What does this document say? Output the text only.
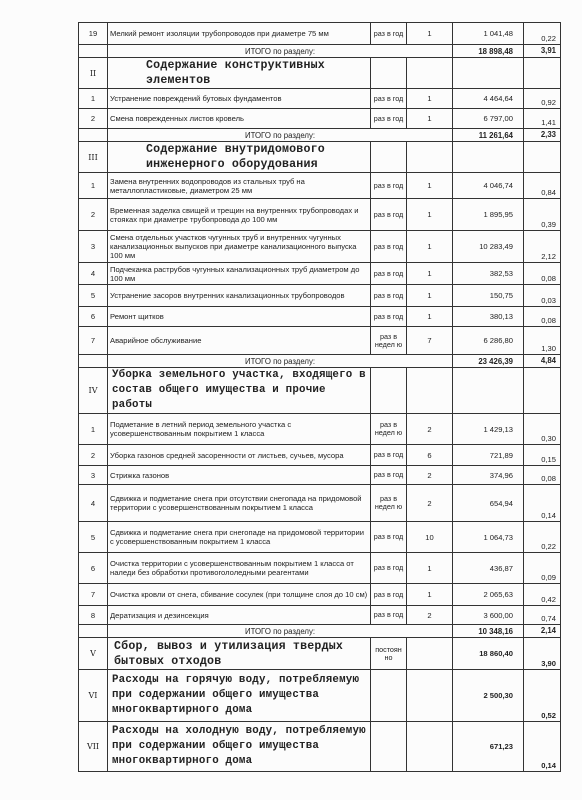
19	Мелкий ремонт изоляции трубопроводов при диаметре 75 мм	раз в год	1	1 041,48	0,22
	ИТОГО по разделу:			18 898,48	3,91
II	Содержание конструктивных элементов				
1	Устранение повреждений бутовых фундаментов	раз в год	1	4 464,64	0,92
2	Смена поврежденных листов кровель	раз в год	1	6 797,00	1,41
	ИТОГО по разделу:			11 261,64	2,33
III	Содержание внутридомового инженерного оборудования				
1	Замена внутренних водопроводов из стальных труб на металлопластиковые, диаметром 25 мм	раз в год	1	4 046,74	0,84
2	Временная заделка свищей и трещин на внутренних трубопроводах и стояках при диаметре трубопровода до 100 мм	раз в год	1	1 895,95	0,39
3	Смена отдельных участков чугунных труб и внутренних чугунных канализационных выпусков при диаметре канализационного выпуска 100 мм	раз в год	1	10 283,49	2,12
4	Подчеканка раструбов чугунных канализационных труб диаметром до 100 мм	раз в год	1	382,53	0,08
5	Устранение засоров внутренних канализационных трубопроводов	раз в год	1	150,75	0,03
6	Ремонт щитков	раз в год	1	380,13	0,08
7	Аварийное обслуживание	раз в недел ю	7	6 286,80	1,30
	ИТОГО по разделу:			23 426,39	4,84
IV	Уборка земельного участка, входящего в состав общего имущества и прочие работы				
1	Подметание в летний период земельного участка с усовершенствованным покрытием 1 класса	раз в недел ю	2	1 429,13	0,30
2	Уборка газонов средней засоренности от листьев, сучьев, мусора	раз в год	6	721,89	0,15
3	Стрижка газонов	раз в год	2	374,96	0,08
4	Сдвижка и подметание снега при отсутствии снегопада на придомовой территории с усовершенствованным покрытием 1 класса	раз в недел ю	2	654,94	0,14
5	Сдвижка и подметание снега при снегопаде на придомовой территории с усовершенствованным покрытием 1 класса	раз в год	10	1 064,73	0,22
6	Очистка территории с усовершенствованным покрытием 1 класса от наледи без обработки противогололедными реагентами	раз в год	1	436,87	0,09
7	Очистка кровли от снега, сбивание сосулек (при толщине слоя до 10 см)	раз в год	1	2 065,63	0,42
8	Дератизация и дезинсекция	раз в год	2	3 600,00	0,74
	ИТОГО по разделу:			10 348,16	2,14
V	Сбор, вывоз и утилизация твердых бытовых отходов	постоян но		18 860,40	3,90
VI	Расходы на горячую воду, потребляемую при содержании общего имущества многоквартирного дома			2 500,30	0,52
VII	Расходы на холодную воду, потребляемую при содержании общего имущества многоквартирного дома			671,23	0,14
